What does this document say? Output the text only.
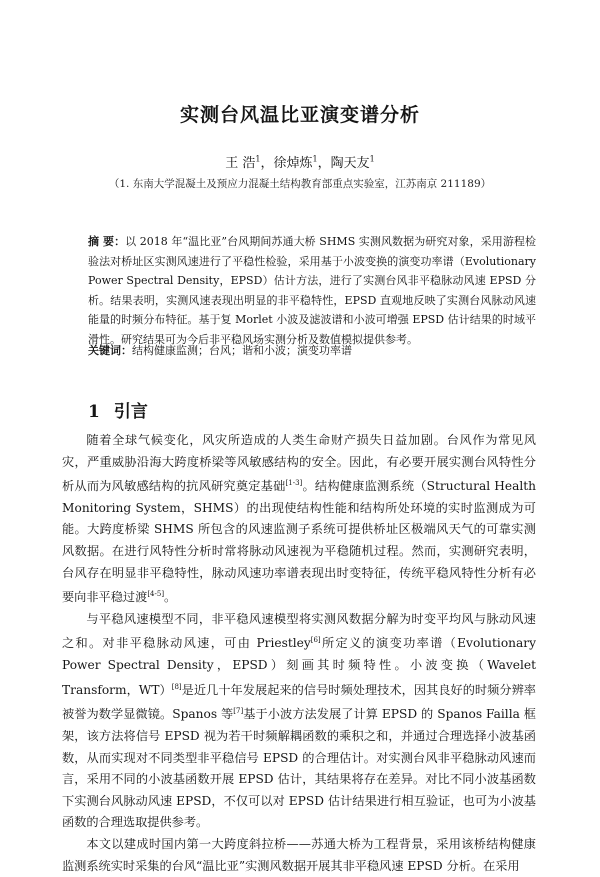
实测台风温比亚演变谱分析
王 浩$^1$，徐焯炼$^1$，陶天友$^1$
（1. 东南大学混凝土及预应力混凝土结构教育部重点实验室，江苏南京 211189）
摘 要：以 2018 年“温比亚”台风期间苏通大桥 SHMS 实测风数据为研究对象，采用游程检验法对桥址区实测风速进行了平稳性检验，采用基于小波变换的演变功率谱（Evolutionary Power Spectral Density，EPSD）估计方法，进行了实测台风非平稳脉动风速 EPSD 分析。结果表明，实测风速表现出明显的非平稳特性，EPSD 直观地反映了实测台风脉动风速能量的时频分布特征。基于复 Morlet 小波及滤波谱和小波可增强 EPSD 估计结果的时域平滑性。研究结果可为今后非平稳风场实测分析及数值模拟提供参考。
关键词：结构健康监测；台风；谐和小波；演变功率谱
1 引言

随着全球气候变化，风灾所造成的人类生命财产损失日益加剧。台风作为常见风灾，严重威胁沿海大跨度桥梁等风敏感结构的安全。因此，有必要开展实测台风特性分析从而为风敏感结构的抗风研究奠定基础[1-3]。结构健康监测系统（Structural Health Monitoring System，SHMS）的出现使结构性能和结构所处环境的实时监测成为可能。大跨度桥梁 SHMS 所包含的风速监测子系统可提供桥址区极端风天气的可靠实测风数据。在进行风特性分析时常将脉动风速视为平稳随机过程。然而，实测研究表明，台风存在明显非平稳特性，脉动风速功率谱表现出时变特征，传统平稳风特性分析有必要向非平稳过渡[4-5]。

与平稳风速模型不同，非平稳风速模型将实测风数据分解为时变平均风与脉动风速之和。对非平稳脉动风速，可由 Priestley[6]所定义的演变功率谱（Evolutionary Power Spectral Density，EPSD）刻画其时频特性。小波变换（Wavelet Transform，WT）[8]是近几十年发展起来的信号时频处理技术，因其良好的时频分辨率被誉为数学显微镜。Spanos 等[7]基于小波方法发展了计算 EPSD 的 Spanos Failla 框架，该方法将信号 EPSD 视为若干时频解耦函数的乘积之和，并通过合理选择小波基函数，从而实现对不同类型非平稳信号 EPSD 的合理估计。对实测台风非平稳脉动风速而言，采用不同的小波基函数开展 EPSD 估计，其结果将存在差异。对比不同小波基函数下实测台风脉动风速 EPSD，不仅可以对 EPSD 估计结果进行相互验证，也可为小波基函数的合理选取提供参考。

本文以建成时国内第一大跨度斜拉桥——苏通大桥为工程背景，采用该桥结构健康监测系统实时采集的台风“温比亚”实测风数据开展其非平稳风速 EPSD 分析。在采用
